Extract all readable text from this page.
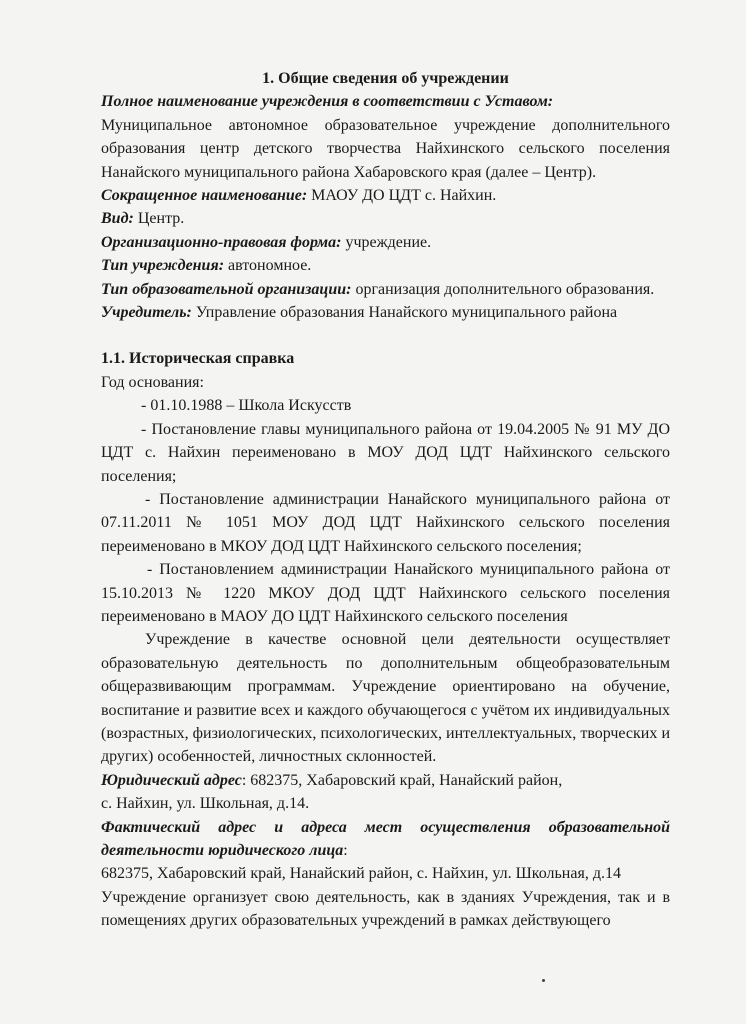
1. Общие сведения об учреждении

Полное наименование учреждения в соответствии с Уставом:

Муниципальное автономное образовательное учреждение дополнительного образования центр детского творчества Найхинского сельского поселения Нанайского муниципального района Хабаровского края (далее – Центр).

Сокращенное наименование: МАОУ ДО ЦДТ с. Найхин.

Вид: Центр.

Организационно-правовая форма: учреждение.

Тип учреждения: автономное.

Тип образовательной организации: организация дополнительного образования.

Учредитель: Управление образования Нанайского муниципального района

1.1. Историческая справка

Год основания:

- 01.10.1988 – Школа Искусств

- Постановление главы муниципального района от 19.04.2005 № 91 МУ ДО ЦДТ с. Найхин переименовано в МОУ ДОД ЦДТ Найхинского сельского поселения;

- Постановление администрации Нанайского муниципального района от 07.11.2011 № 1051 МОУ ДОД ЦДТ Найхинского сельского поселения переименовано в МКОУ ДОД ЦДТ Найхинского сельского поселения;

- Постановлением администрации Нанайского муниципального района от 15.10.2013 № 1220 МКОУ ДОД ЦДТ Найхинского сельского поселения переименовано в МАОУ ДО ЦДТ Найхинского сельского поселения

Учреждение в качестве основной цели деятельности осуществляет образовательную деятельность по дополнительным общеобразовательным общеразвивающим программам. Учреждение ориентировано на обучение, воспитание и развитие всех и каждого обучающегося с учётом их индивидуальных (возрастных, физиологических, психологических, интеллектуальных, творческих и других) особенностей, личностных склонностей.

Юридический адрес: 682375, Хабаровский край, Нанайский район,

с. Найхин, ул. Школьная, д.14.

Фактический адрес и адреса мест осуществления образовательной деятельности юридического лица:

682375, Хабаровский край, Нанайский район, с. Найхин, ул. Школьная, д.14

Учреждение организует свою деятельность, как в зданиях Учреждения, так и в помещениях других образовательных учреждений в рамках действующего
